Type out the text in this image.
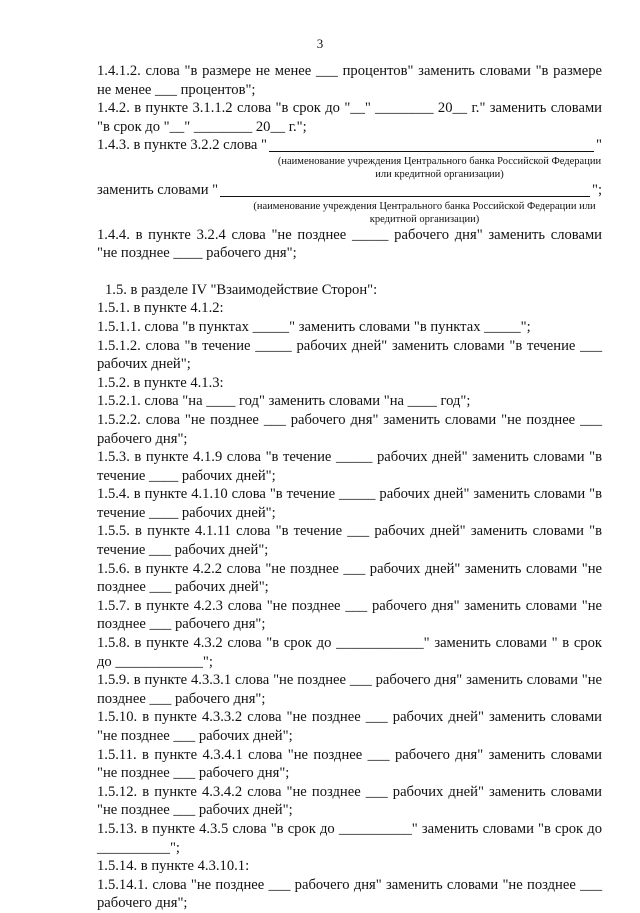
3

1.4.1.2. слова "в размере не менее ___ процентов" заменить словами "в размере не менее ___ процентов";

1.4.2. в пункте 3.1.1.2 слова "в срок до "__" ________ 20__ г." заменить словами "в срок до "__" ________ 20__ г.";

1.4.3. в пункте 3.2.2 слова "	"

(наименование учреждения Центрального банка Российской Федерации или кредитной организации)

заменить словами "	";

(наименование учреждения Центрального банка Российской Федерации или кредитной организации)

1.4.4. в пункте 3.2.4 слова "не позднее _____ рабочего дня" заменить словами "не позднее ____ рабочего дня";

1.5. в разделе IV "Взаимодействие Сторон":

1.5.1. в пункте 4.1.2:

1.5.1.1. слова "в пунктах _____" заменить словами "в пунктах _____";

1.5.1.2. слова "в течение _____ рабочих дней" заменить словами "в течение ___ рабочих дней";

1.5.2. в пункте 4.1.3:

1.5.2.1. слова "на ____ год" заменить словами "на ____ год";

1.5.2.2. слова "не позднее ___ рабочего дня" заменить словами "не позднее ___ рабочего дня";

1.5.3. в пункте 4.1.9 слова "в течение _____ рабочих дней" заменить словами "в течение ____ рабочих дней";

1.5.4. в пункте 4.1.10 слова "в течение _____ рабочих дней" заменить словами "в течение ____ рабочих дней";

1.5.5. в пункте 4.1.11 слова "в течение ___ рабочих дней" заменить словами "в течение ___ рабочих дней";

1.5.6. в пункте 4.2.2 слова "не позднее ___ рабочих дней" заменить словами "не позднее ___ рабочих дней";

1.5.7. в пункте 4.2.3 слова "не позднее ___ рабочего дня" заменить словами "не позднее ___ рабочего дня";

1.5.8. в пункте 4.3.2 слова "в срок до ____________" заменить словами " в срок до ____________";

1.5.9. в пункте 4.3.3.1 слова "не позднее ___ рабочего дня" заменить словами "не позднее ___ рабочего дня";

1.5.10. в пункте 4.3.3.2 слова "не позднее ___ рабочих дней" заменить словами "не позднее ___ рабочих дней";

1.5.11. в пункте 4.3.4.1 слова "не позднее ___ рабочего дня" заменить словами "не позднее ___ рабочего дня";

1.5.12. в пункте 4.3.4.2 слова "не позднее ___ рабочих дней" заменить словами "не позднее ___ рабочих дней";

1.5.13. в пункте 4.3.5 слова "в срок до __________" заменить словами "в срок до __________";

1.5.14. в пункте 4.3.10.1:

1.5.14.1. слова "не позднее ___ рабочего дня" заменить словами "не позднее ___ рабочего дня";
